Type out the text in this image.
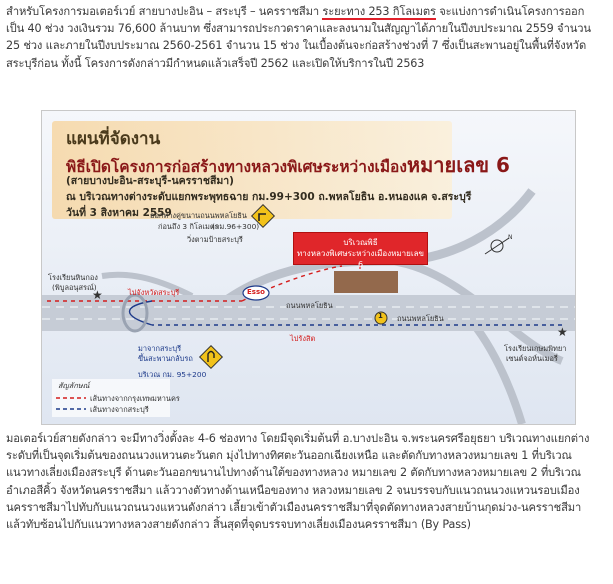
สำหรับโครงการมอเตอร์เวย์ สายบางปะอิน – สระบุรี – นครราชสีมา ระยะทาง 253 กิโลเมตร จะแบ่งการดำเนินโครงการออกเป็น 40 ช่วง วงเงินรวม 76,600 ล้านบาท ซึ่งสามารถประกวดราคาและลงนามในสัญญาได้ภายในปีงบประมาณ 2559 จำนวน 25 ช่วง และภายในปีงบประมาณ 2560-2561 จำนวน 15 ช่วง ในเบื้องต้นจะก่อสร้างช่วงที่ 7 ซึ่งเป็นสะพานอยู่ในพื้นที่จังหวัดสระบุรีก่อน ทั้งนี้ โครงการดังกล่าวมีกำหนดแล้วเสร็จปี 2562 และเปิดให้บริการในปี 2563

★
★
N
แผนที่จัดงาน
พิธีเปิดโครงการก่อสร้างทางหลวงพิเศษระหว่างเมืองหมายเลข 6
(สายบางปะอิน-สระบุรี-นครราชสีมา)
ณ บริเวณทางต่างระดับแยกพระพุทธฉาย กม.99+300 ถ.พหลโยธิน อ.หนองแค จ.สระบุรี
วันที่ 3 สิงหาคม 2559
บริเวณพิธี
ทางหลวงพิเศษระหว่างเมืองหมายเลข 6
ออกทางคู่ขนานถนนพหลโยธิน
ก่อนถึง 3 กิโลเมตร
(กม.96+300)
วิ่งตามป้ายสระบุรี
โรงเรียนหินกอง
(พิบูลอนุสรณ์)
ไปจังหวัดสระบุรี
ถนนพหลโยธิน
ถนนพหลโยธิน
ไปรังสิต
มาจากสระบุรี
ขึ้นสะพานกลับรถ
บริเวณ กม. 95+200
โรงเรียนเกษมพิทยา
เซนต์จอห์นเมอรี่
Esso
1
สัญลักษณ์
เส้นทางจากกรุงเทพมหานคร
เส้นทางจากสระบุรี

มอเตอร์เวย์สายดังกล่าว จะมีทางวิ่งตั้งละ 4-6 ช่องทาง โดยมีจุดเริ่มต้นที่ อ.บางปะอิน จ.พระนครศรีอยุธยา บริเวณทางแยกต่างระดับที่เป็นจุดเริ่มต้นของถนนวงแหวนตะวันตก มุ่งไปทางทิศตะวันออกเฉียงเหนือ และตัดกับทางหลวงหมายเลข 1 ที่บริเวณแนวทางเลี่ยงเมืองสระบุรี ด้านตะวันออกขนานไปทางด้านใต้ของทางหลวง หมายเลข 2 ตัดกับทางหลวงหมายเลข 2 ที่บริเวณอำเภอสีคิ้ว จังหวัดนครราชสีมา แล้ววางตัวทางด้านเหนือของทาง หลวงหมายเลข 2 จนบรรจบกับแนวถนนวงแหวนรอบเมืองนครราชสีมาไปทับกับแนวถนนวงแหวนดังกล่าว เลี้ยวเข้าตัวเมืองนครราชสีมาที่จุดตัดทางหลวงสายบ้านกุดม่วง-นครราชสีมา แล้วทับซ้อนไปกับแนวทางหลวงสายดังกล่าว สิ้นสุดที่จุดบรรจบทางเลี่ยงเมืองนครราชสีมา (By Pass)
